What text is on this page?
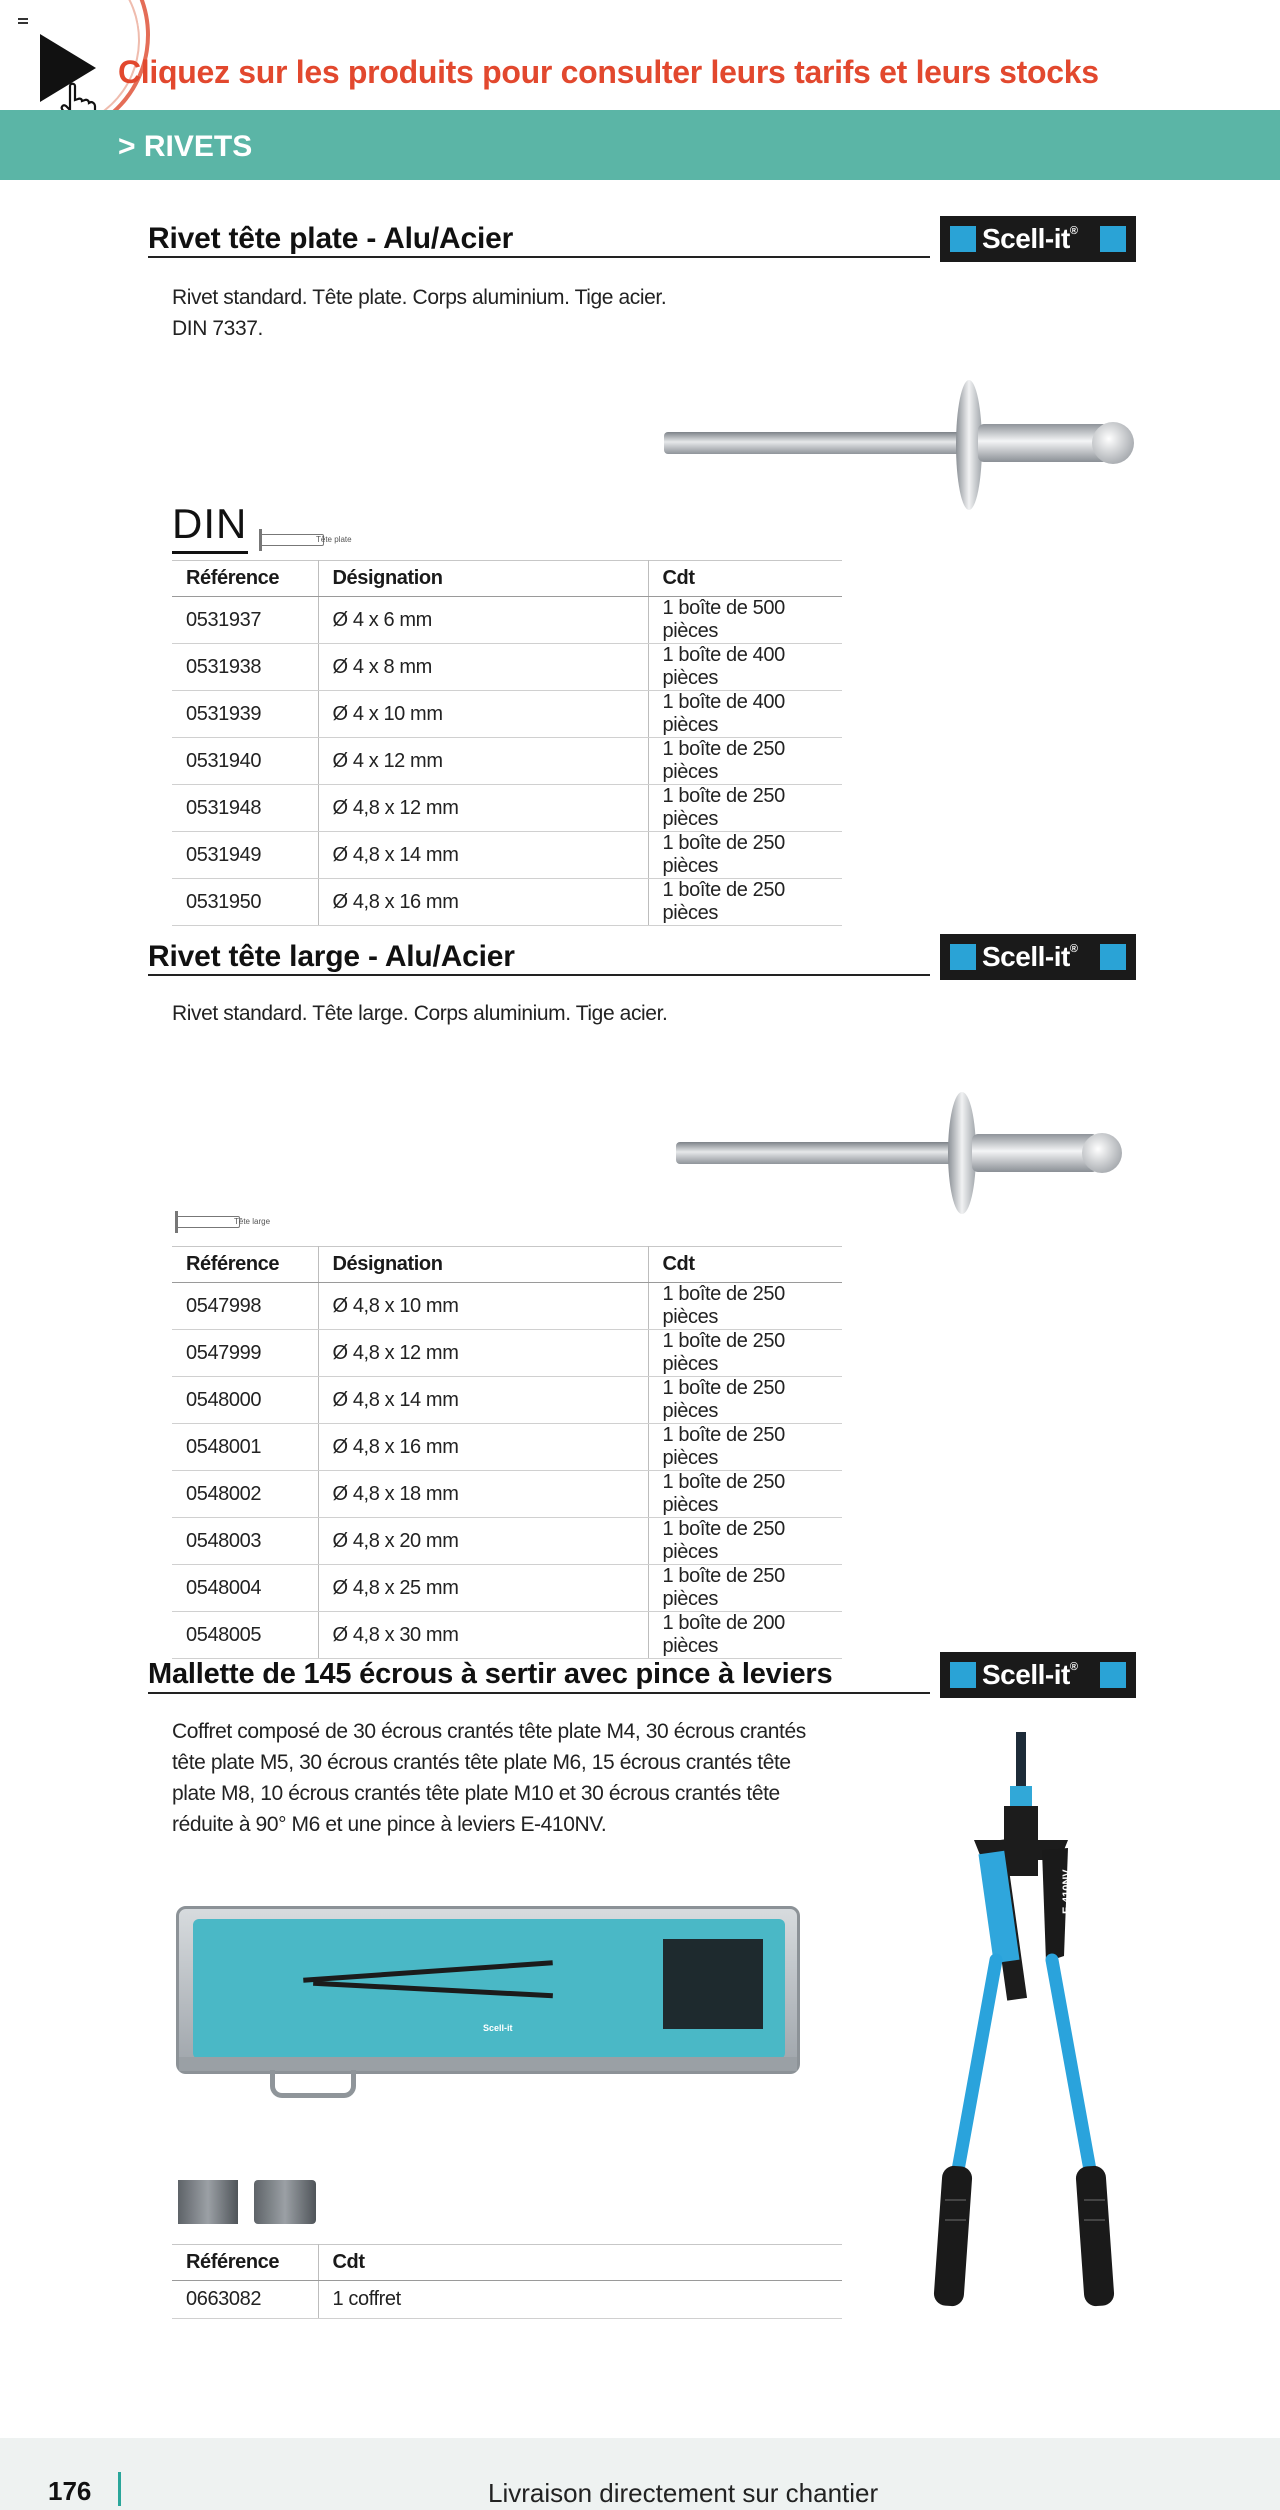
Cliquez sur les produits pour consulter leurs tarifs et leurs stocks
> RIVETS
Rivet tête plate - Alu/Acier	Scell-it®
Rivet standard. Tête plate. Corps aluminium. Tige acier.
DIN 7337.
DIN	Tête plate
Référence	Désignation	Cdt
0531937	Ø 4 x 6 mm	1 boîte de 500 pièces
0531938	Ø 4 x 8 mm	1 boîte de 400 pièces
0531939	Ø 4 x 10 mm	1 boîte de 400 pièces
0531940	Ø 4 x 12 mm	1 boîte de 250 pièces
0531948	Ø 4,8 x 12 mm	1 boîte de 250 pièces
0531949	Ø 4,8 x 14 mm	1 boîte de 250 pièces
0531950	Ø 4,8 x 16 mm	1 boîte de 250 pièces
Rivet tête large - Alu/Acier	Scell-it®
Rivet standard. Tête large. Corps aluminium. Tige acier.
Tête large
Référence	Désignation	Cdt
0547998	Ø 4,8 x 10 mm	1 boîte de 250 pièces
0547999	Ø 4,8 x 12 mm	1 boîte de 250 pièces
0548000	Ø 4,8 x 14 mm	1 boîte de 250 pièces
0548001	Ø 4,8 x 16 mm	1 boîte de 250 pièces
0548002	Ø 4,8 x 18 mm	1 boîte de 250 pièces
0548003	Ø 4,8 x 20 mm	1 boîte de 250 pièces
0548004	Ø 4,8 x 25 mm	1 boîte de 250 pièces
0548005	Ø 4,8 x 30 mm	1 boîte de 200 pièces
Mallette de 145 écrous à sertir avec pince à leviers	Scell-it®
Coffret composé de 30 écrous crantés tête plate M4, 30 écrous crantés
tête plate M5, 30 écrous crantés tête plate M6, 15 écrous crantés tête
plate M8, 10 écrous crantés tête plate M10 et 30 écrous crantés tête
réduite à 90° M6 et une pince à leviers E-410NV.
Scell-it
E-410NV
Référence	Cdt
0663082	1 coffret
176	Livraison directement sur chantier
